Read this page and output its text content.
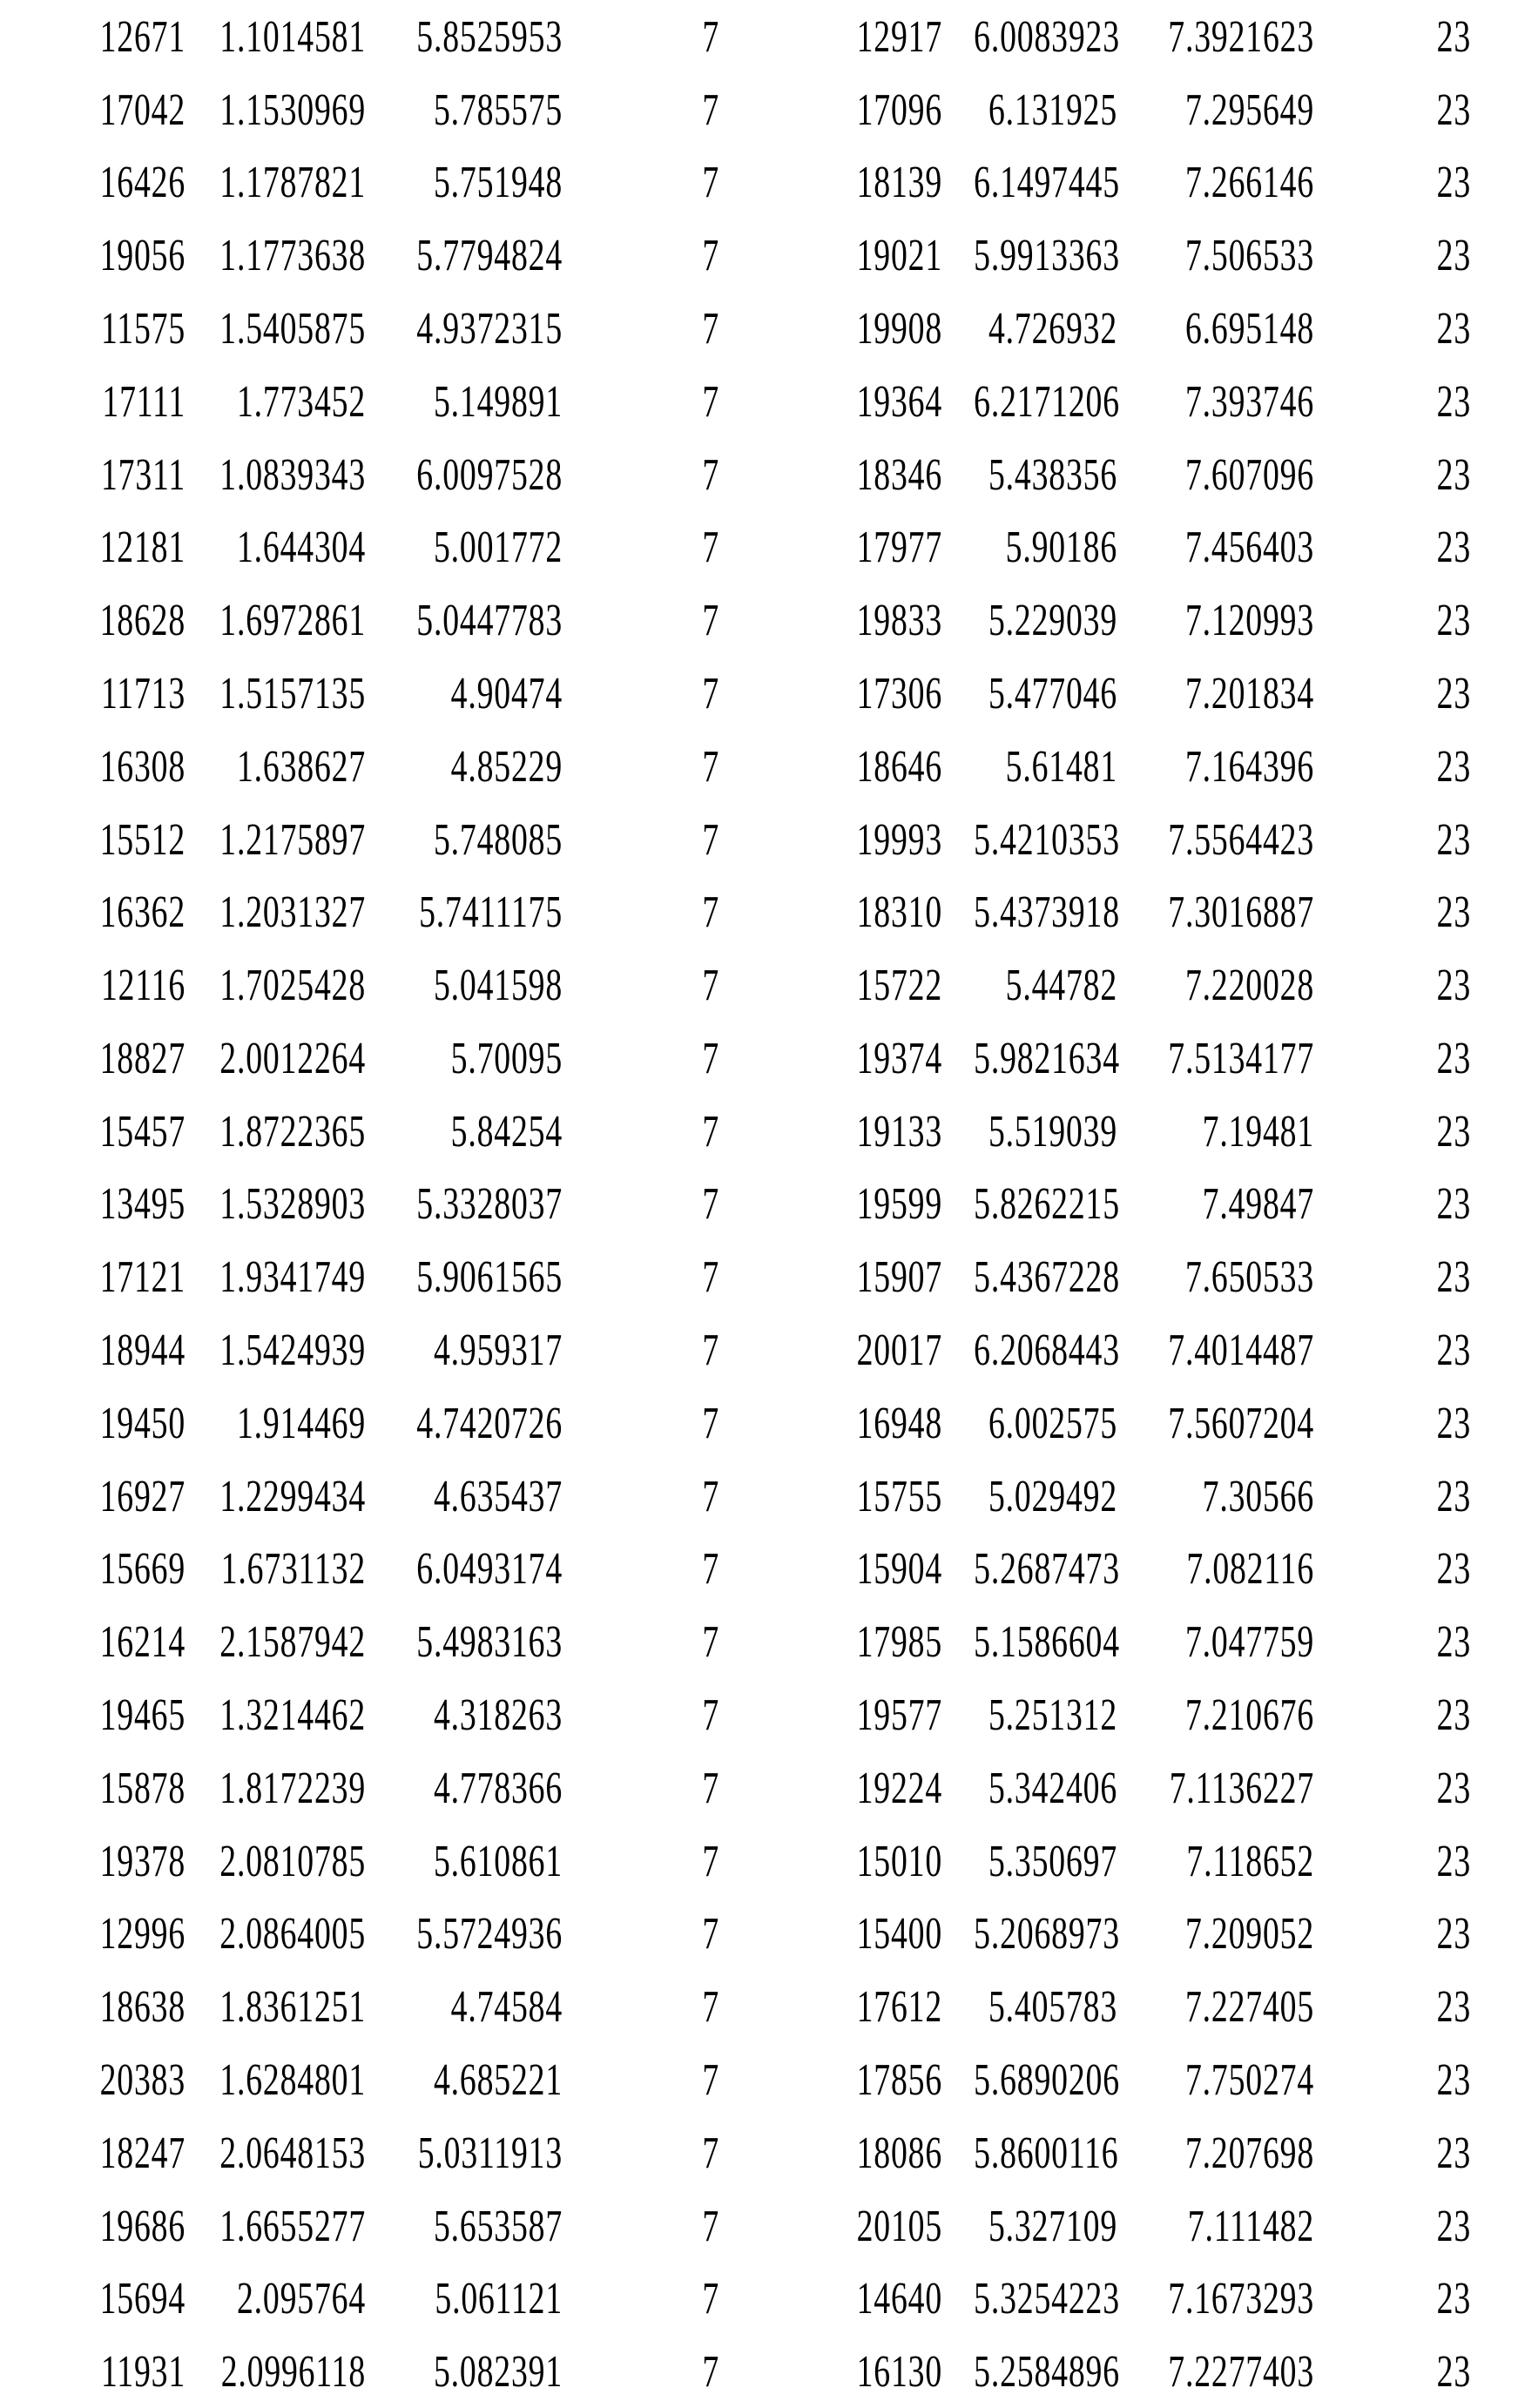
12671 1.1014581	5.8525953	7	12917 6.0083923	7.3921623	23
17042 1.1530969	5.785575	7	17096	6.131925	7.295649	23
16426 1.1787821	5.751948	7	18139 6.1497445	7.266146	23
19056 1.1773638	5.7794824	7	19021 5.9913363	7.506533	23
11575 1.5405875	4.9372315	7	19908	4.726932	6.695148	23
17111	1.773452	5.149891	7	19364 6.2171206	7.393746	23
17311 1.0839343	6.0097528	7	18346	5.438356	7.607096	23
12181	1.644304	5.001772	7	17977	5.90186	7.456403	23
18628 1.6972861	5.0447783	7	19833	5.229039	7.120993	23
11713 1.5157135	4.90474	7	17306	5.477046	7.201834	23
16308	1.638627	4.85229	7	18646	5.61481	7.164396	23
15512 1.2175897	5.748085	7	19993 5.4210353	7.5564423	23
16362 1.2031327	5.7411175	7	18310 5.4373918	7.3016887	23
12116 1.7025428	5.041598	7	15722	5.44782	7.220028	23
18827 2.0012264	5.70095	7	19374 5.9821634	7.5134177	23
15457 1.8722365	5.84254	7	19133	5.519039	7.19481	23
13495 1.5328903	5.3328037	7	19599 5.8262215	7.49847	23
17121 1.9341749	5.9061565	7	15907 5.4367228	7.650533	23
18944 1.5424939	4.959317	7	20017 6.2068443	7.4014487	23
19450	1.914469	4.7420726	7	16948	6.002575	7.5607204	23
16927 1.2299434	4.635437	7	15755	5.029492	7.30566	23
15669 1.6731132	6.0493174	7	15904 5.2687473	7.082116	23
16214 2.1587942	5.4983163	7	17985 5.1586604	7.047759	23
19465 1.3214462	4.318263	7	19577	5.251312	7.210676	23
15878 1.8172239	4.778366	7	19224	5.342406	7.1136227	23
19378 2.0810785	5.610861	7	15010	5.350697	7.118652	23
12996 2.0864005	5.5724936	7	15400 5.2068973	7.209052	23
18638 1.8361251	4.74584	7	17612	5.405783	7.227405	23
20383 1.6284801	4.685221	7	17856 5.6890206	7.750274	23
18247 2.0648153	5.0311913	7	18086 5.8600116	7.207698	23
19686 1.6655277	5.653587	7	20105	5.327109	7.111482	23
15694	2.095764	5.061121	7	14640 5.3254223	7.1673293	23
11931 2.0996118	5.082391	7	16130 5.2584896	7.2277403	23
